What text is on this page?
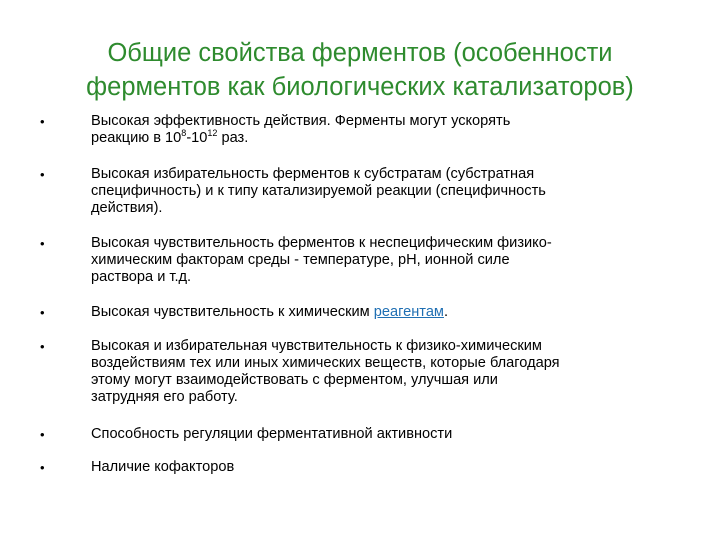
Общие свойства ферментов (особенности
ферментов как биологических катализаторов)
•	Высокая эффективность действия. Ферменты могут ускорять
реакцию в $10^8-10^{12}$ раз.
•	Высокая избирательность ферментов к субстратам (субстратная
специфичность) и к типу катализируемой реакции (специфичность
действия).
•	Высокая чувствительность ферментов к неспецифическим физико-
химическим факторам среды - температуре, рН, ионной силе
раствора и т.д.
•	Высокая чувствительность к химическим реагентам.
•	Высокая и избирательная чувствительность к физико-химическим
воздействиям тех или иных химических веществ, которые благодаря
этому могут взаимодействовать с ферментом, улучшая или
затрудняя его работу.
•	Способность регуляции ферментативной активности
•	Наличие кофакторов
